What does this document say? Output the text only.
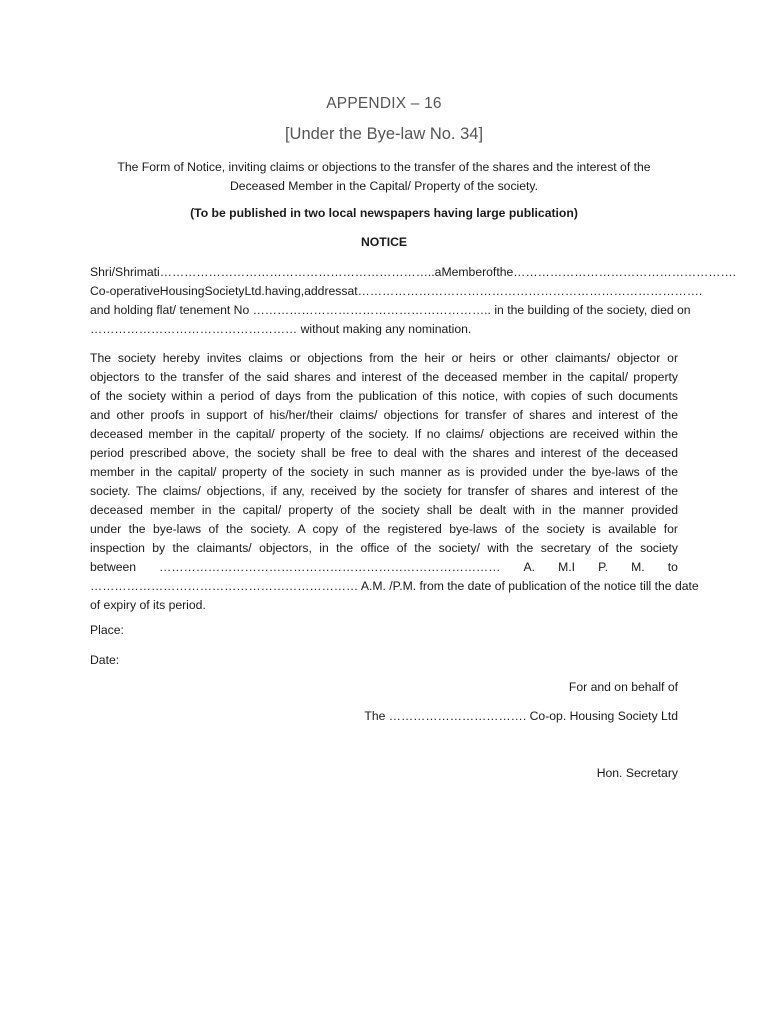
APPENDIX – 16
[Under the Bye-law No. 34]
The Form of Notice, inviting claims or objections to the transfer of the shares and the interest of the
Deceased Member in the Capital/ Property of the society.
(To be published in two local newspapers having large publication)
NOTICE
Shri/Shrimati ………………………………………………………….. a Member of the ……………………………………………….
Co-operative Housing Society Ltd. having, address at………………………………………………………………………….
and holding flat/ tenement No ………………………………………………….. in the building of the society, died on
…………………………………………… without making any nomination.
The society hereby invites claims or objections from the heir or heirs or other claimants/ objector or
objectors to the transfer of the said shares and interest of the deceased member in the capital/ property
of the society within a period of days from the publication of this notice, with copies of such documents
and other proofs in support of his/her/their claims/ objections for transfer of shares and interest of the
deceased member in the capital/ property of the society. If no claims/ objections are received within the
period prescribed above, the society shall be free to deal with the shares and interest of the deceased
member in the capital/ property of the society in such manner as is provided under the bye-laws of the
society. The claims/ objections, if any, received by the society for transfer of shares and interest of the
deceased member in the capital/ property of the society shall be dealt with in the manner provided
under the bye-laws of the society. A copy of the registered bye-laws of the society is available for
inspection by the claimants/ objectors, in the office of the society/ with the secretary of the society
between ………………………………………………………………………… A. M.I P. M. to
………………………………………………………… A.M. /P.M. from the date of publication of the notice till the date
of expiry of its period.
Place:
Date:
For and on behalf of
The ……………………………. Co-op. Housing Society Ltd
Hon. Secretary
